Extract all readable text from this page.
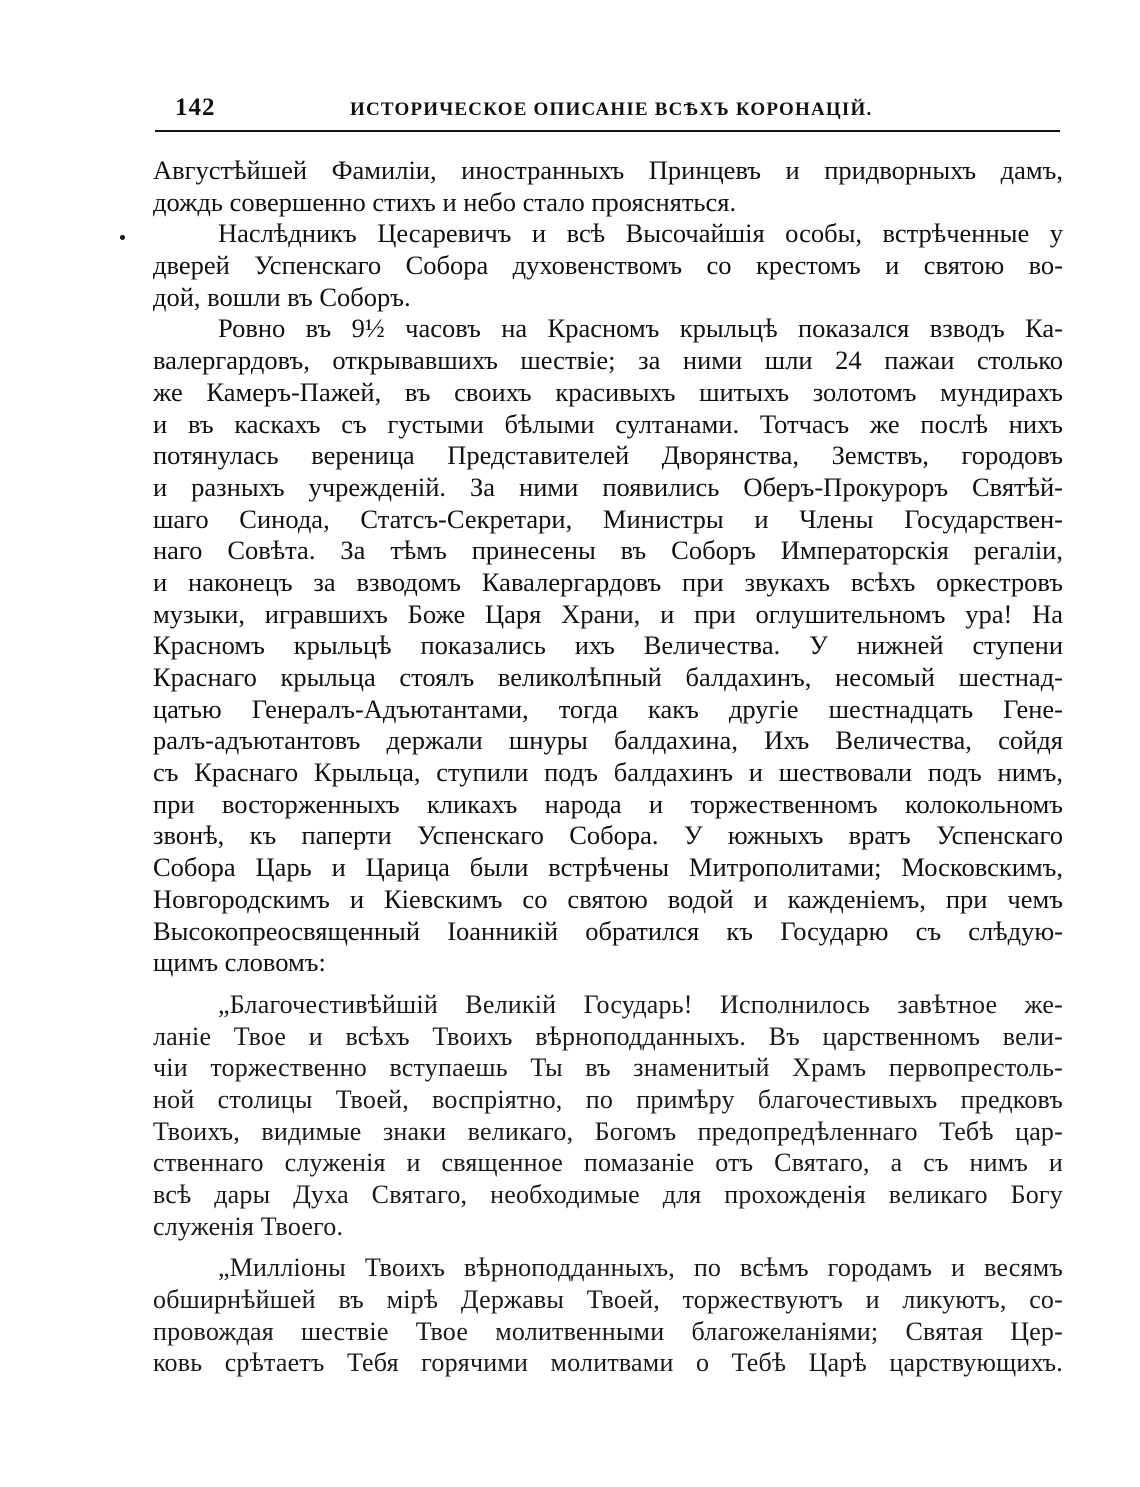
142	ИСТОРИЧЕСКОЕ ОПИСАНІЕ ВСѢХЪ КОРОНАЦІЙ.
Августѣйшей Фамиліи, иностранныхъ Принцевъ и придворныхъ дамъ,
дождь совершенно стихъ и небо стало проясняться.
Наслѣдникъ Цесаревичъ и всѣ Высочайшія особы, встрѣченные у
дверей Успенскаго Собора духовенствомъ со крестомъ и святою во-
дой, вошли въ Соборъ.
Ровно въ 9½ часовъ на Красномъ крыльцѣ показался взводъ Ка-
валергардовъ, открывавшихъ шествіе; за ними шли 24 пажаи столько
же Камеръ-Пажей, въ своихъ красивыхъ шитыхъ золотомъ мундирахъ
и въ каскахъ съ густыми бѣлыми султанами. Тотчасъ же послѣ нихъ
потянулась вереница Представителей Дворянства, Земствъ, городовъ
и разныхъ учрежденій. За ними появились Оберъ-Прокуроръ Святѣй-
шаго Синода, Статсъ-Секретари, Министры и Члены Государствен-
наго Совѣта. За тѣмъ принесены въ Соборъ Императорскія регаліи,
и наконецъ за взводомъ Кавалергардовъ при звукахъ всѣхъ оркестровъ
музыки, игравшихъ Боже Царя Храни, и при оглушительномъ ура! На
Красномъ крыльцѣ показались ихъ Величества. У нижней ступени
Краснаго крыльца стоялъ великолѣпный балдахинъ, несомый шестнад-
цатью Генералъ-Адъютантами, тогда какъ другіе шестнадцать Гене-
ралъ-адъютантовъ держали шнуры балдахина, Ихъ Величества, сойдя
съ Краснаго Крыльца, ступили подъ балдахинъ и шествовали подъ нимъ,
при восторженныхъ кликахъ народа и торжественномъ колокольномъ
звонѣ, къ паперти Успенскаго Собора. У южныхъ вратъ Успенскаго
Собора Царь и Царица были встрѣчены Митрополитами; Московскимъ,
Новгородскимъ и Кіевскимъ со святою водой и кажденіемъ, при чемъ
Высокопреосвященный Іоанникій обратился къ Государю съ слѣдую-
щимъ словомъ:
„Благочестивѣйшій Великій Государь! Исполнилось завѣтное же-
ланіе Твое и всѣхъ Твоихъ вѣрноподданныхъ. Въ царственномъ вели-
чіи торжественно вступаешь Ты въ знаменитый Храмъ первопрестоль-
ной столицы Твоей, воспріятно, по примѣру благочестивыхъ предковъ
Твоихъ, видимые знаки великаго, Богомъ предопредѣленнаго Тебѣ цар-
ственнаго служенія и священное помазаніе отъ Святаго, а съ нимъ и
всѣ дары Духа Святаго, необходимые для прохожденія великаго Богу
служенія Твоего.
„Милліоны Твоихъ вѣрноподданныхъ, по всѣмъ городамъ и весямъ
обширнѣйшей въ мірѣ Державы Твоей, торжествуютъ и ликуютъ, со-
провождая шествіе Твое молитвенными благожеланіями; Святая Цер-
ковь срѣтаетъ Тебя горячими молитвами о Тебѣ Царѣ царствующихъ.
